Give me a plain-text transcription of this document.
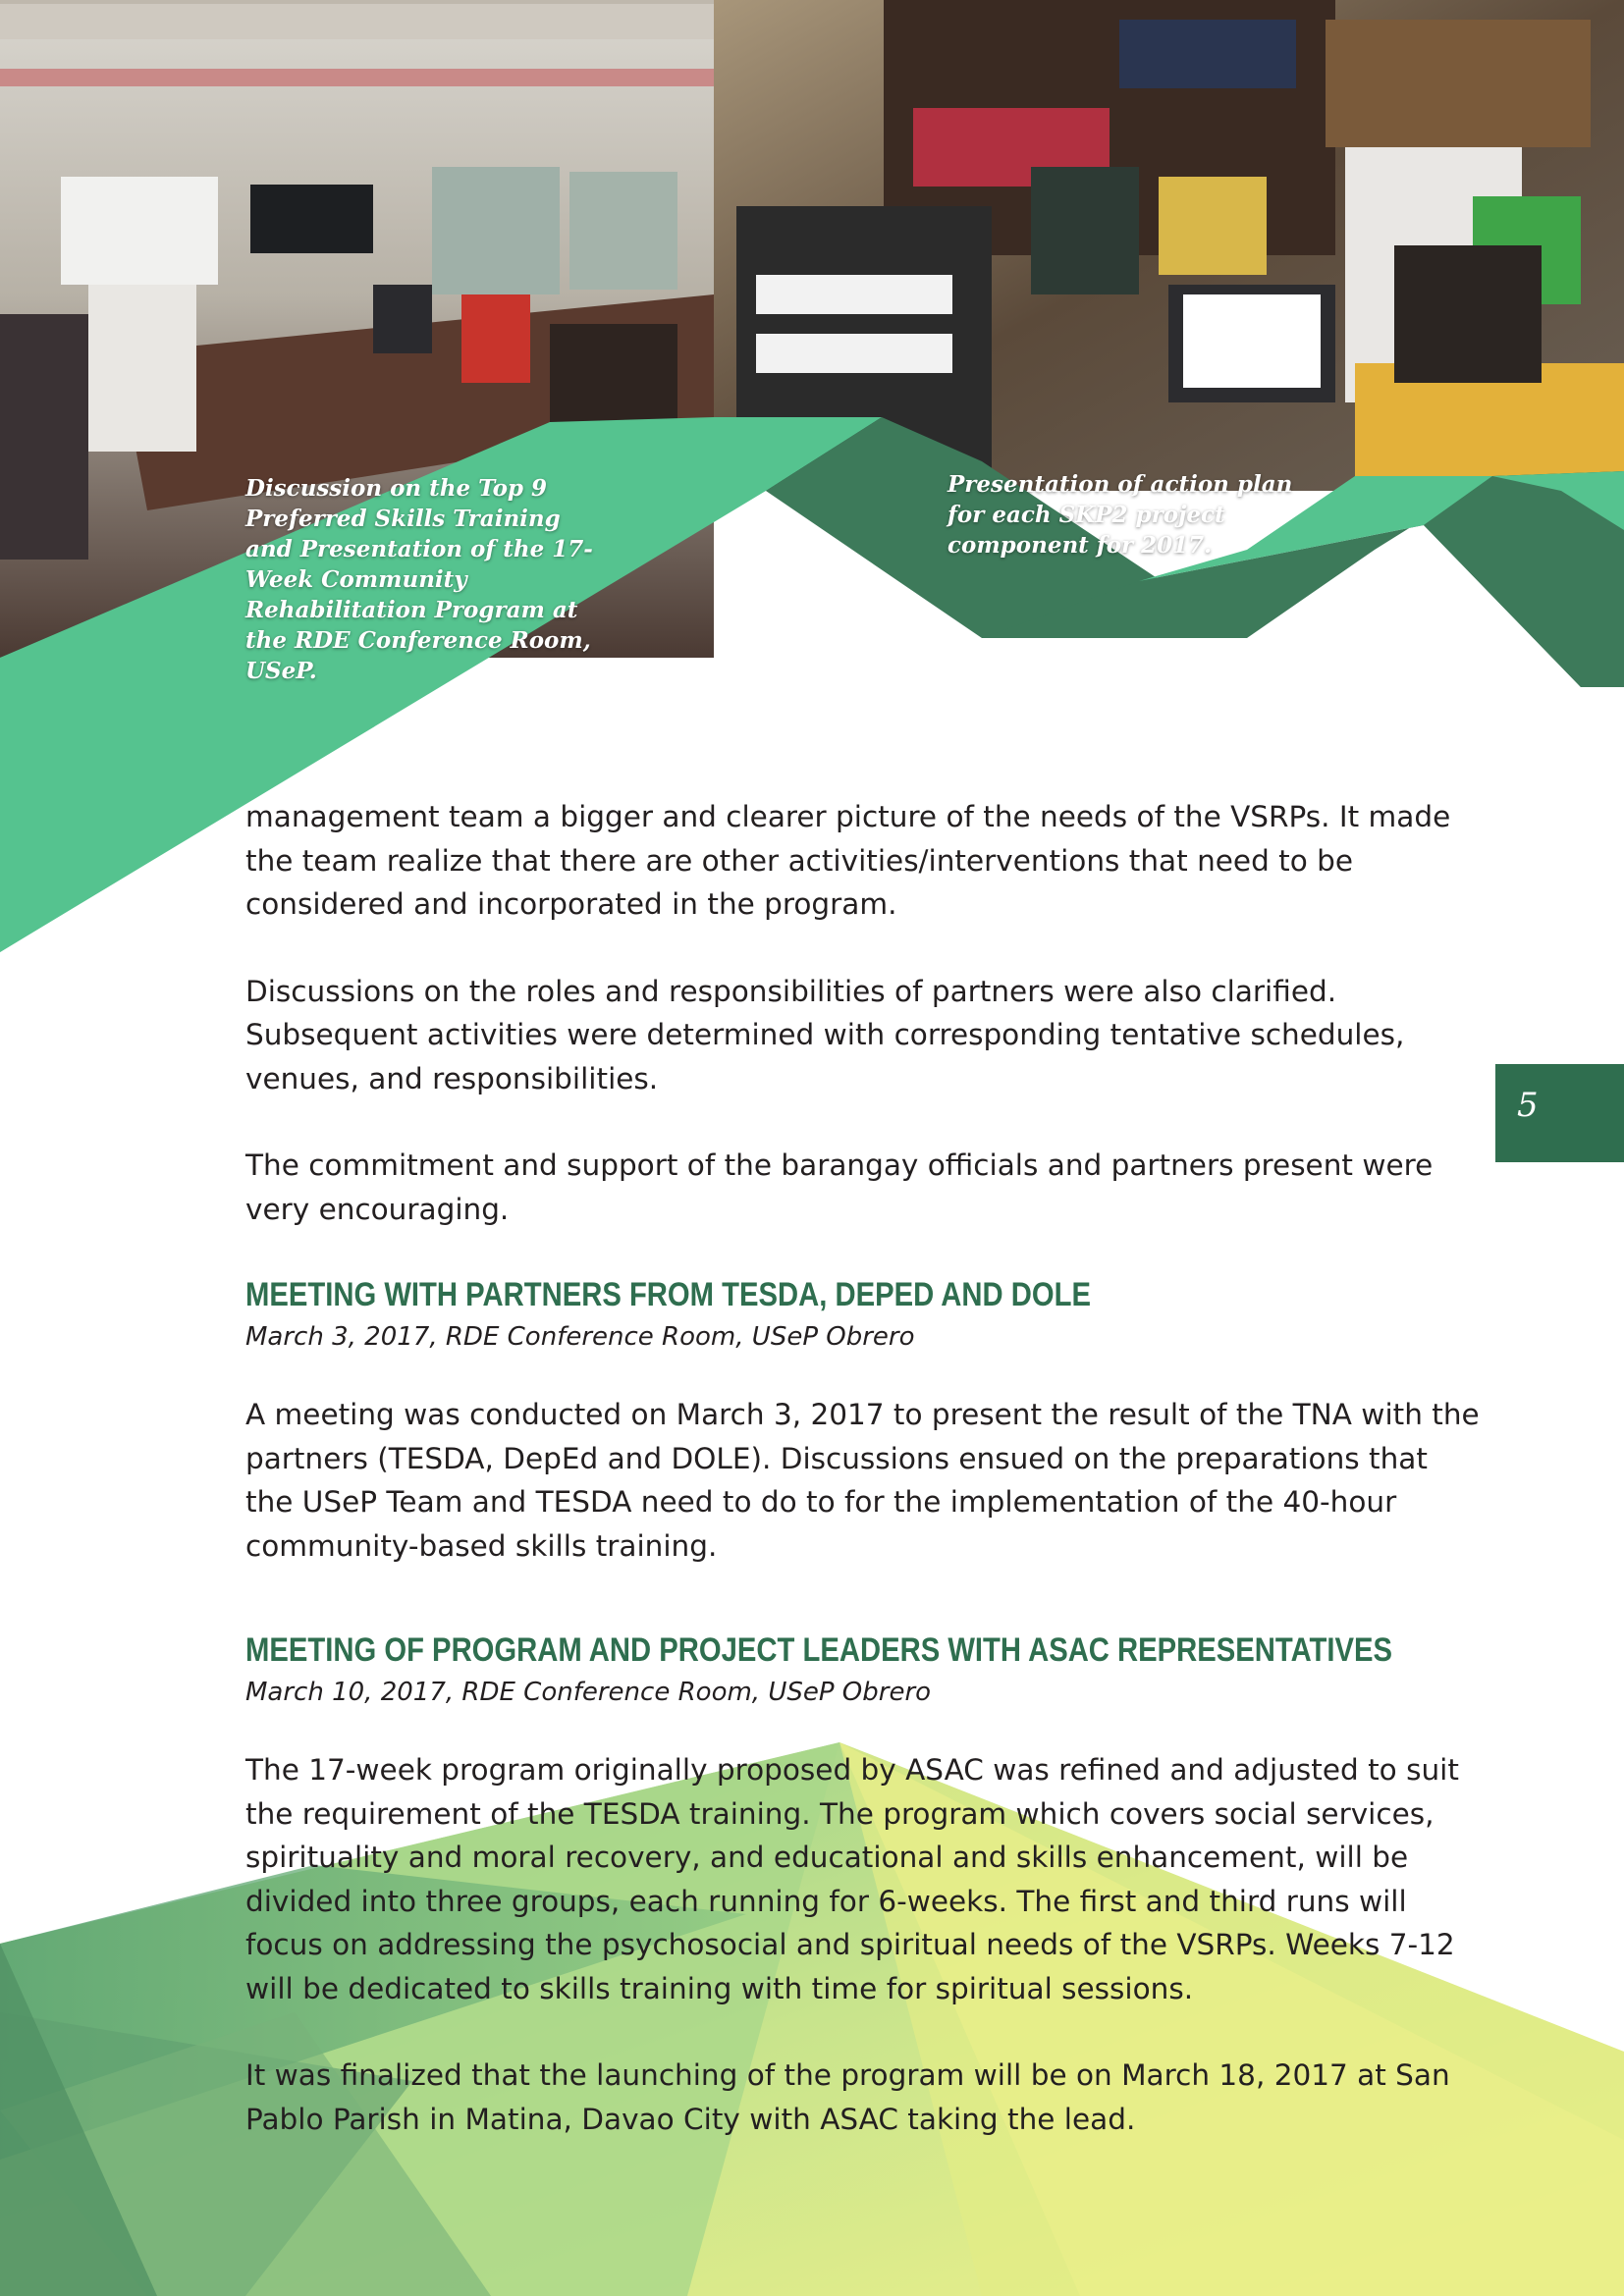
Discussion on the Top 9 Preferred Skills Training and Presentation of the 17-Week Community Rehabilitation Program at the RDE Conference Room, USeP.
Presentation of action plan for each SKP2 project component for 2017.
5

management team a bigger and clearer picture of the needs of the VSRPs. It made the team realize that there are other activities/interventions that need to be considered and incorporated in the program.

Discussions on the roles and responsibilities of partners were also clarified. Subsequent activities were determined with corresponding tentative schedules, venues, and responsibilities.

The commitment and support of the barangay officials and partners present were very encouraging.

MEETING WITH PARTNERS FROM TESDA, DEPED AND DOLE

March 3, 2017, RDE Conference Room, USeP Obrero

A meeting was conducted on March 3, 2017 to present the result of the TNA with the partners (TESDA, DepEd and DOLE). Discussions ensued on the preparations that the USeP Team and TESDA need to do to for the implementation of the 40-hour community-based skills training.

MEETING OF PROGRAM AND PROJECT LEADERS WITH ASAC REPRESENTATIVES

March 10, 2017, RDE Conference Room, USeP Obrero

The 17-week program originally proposed by ASAC was refined and adjusted to suit the requirement of the TESDA training. The program which covers social services, spirituality and moral recovery, and educational and skills enhancement, will be divided into three groups, each running for 6-weeks. The first and third runs will focus on addressing the psychosocial and spiritual needs of the VSRPs. Weeks 7-12 will be dedicated to skills training with time for spiritual sessions.

It was finalized that the launching of the program will be on March 18, 2017 at San Pablo Parish in Matina, Davao City with ASAC taking the lead.
